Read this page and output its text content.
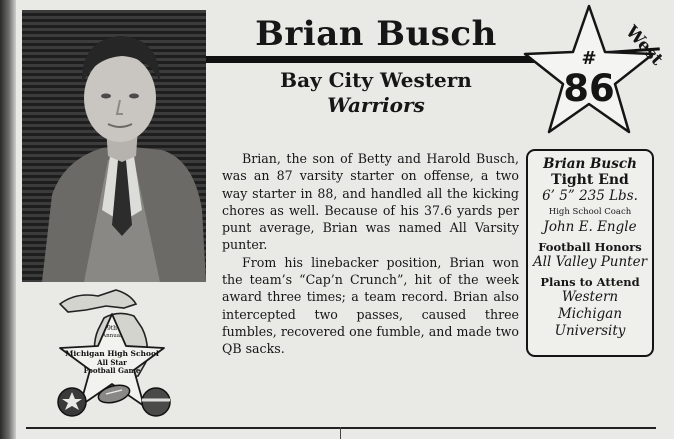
Brian Busch
Bay City Western
Warriors
West
#
86

Brian, the son of Betty and Harold Busch, was an 87 varsity starter on offense, a two way starter in 88, and handled all the kicking chores as well. Because of his 37.6 yards per punt average, Brian was named All Varsity punter.

From his linebacker position, Brian won the team’s “Cap’n Crunch”, hit of the week award three times; a team record. Brian also intercepted two passes, caused three fumbles, recovered one fumble, and made two QB sacks.

Brian Busch
Tight End
6’ 5” 235 Lbs.
High School Coach
John E. Engle
Football Honors
All Valley Punter
Plans to Attend
Western
Michigan
University
9th
Annual
Michigan High School
All Star
Football Game
